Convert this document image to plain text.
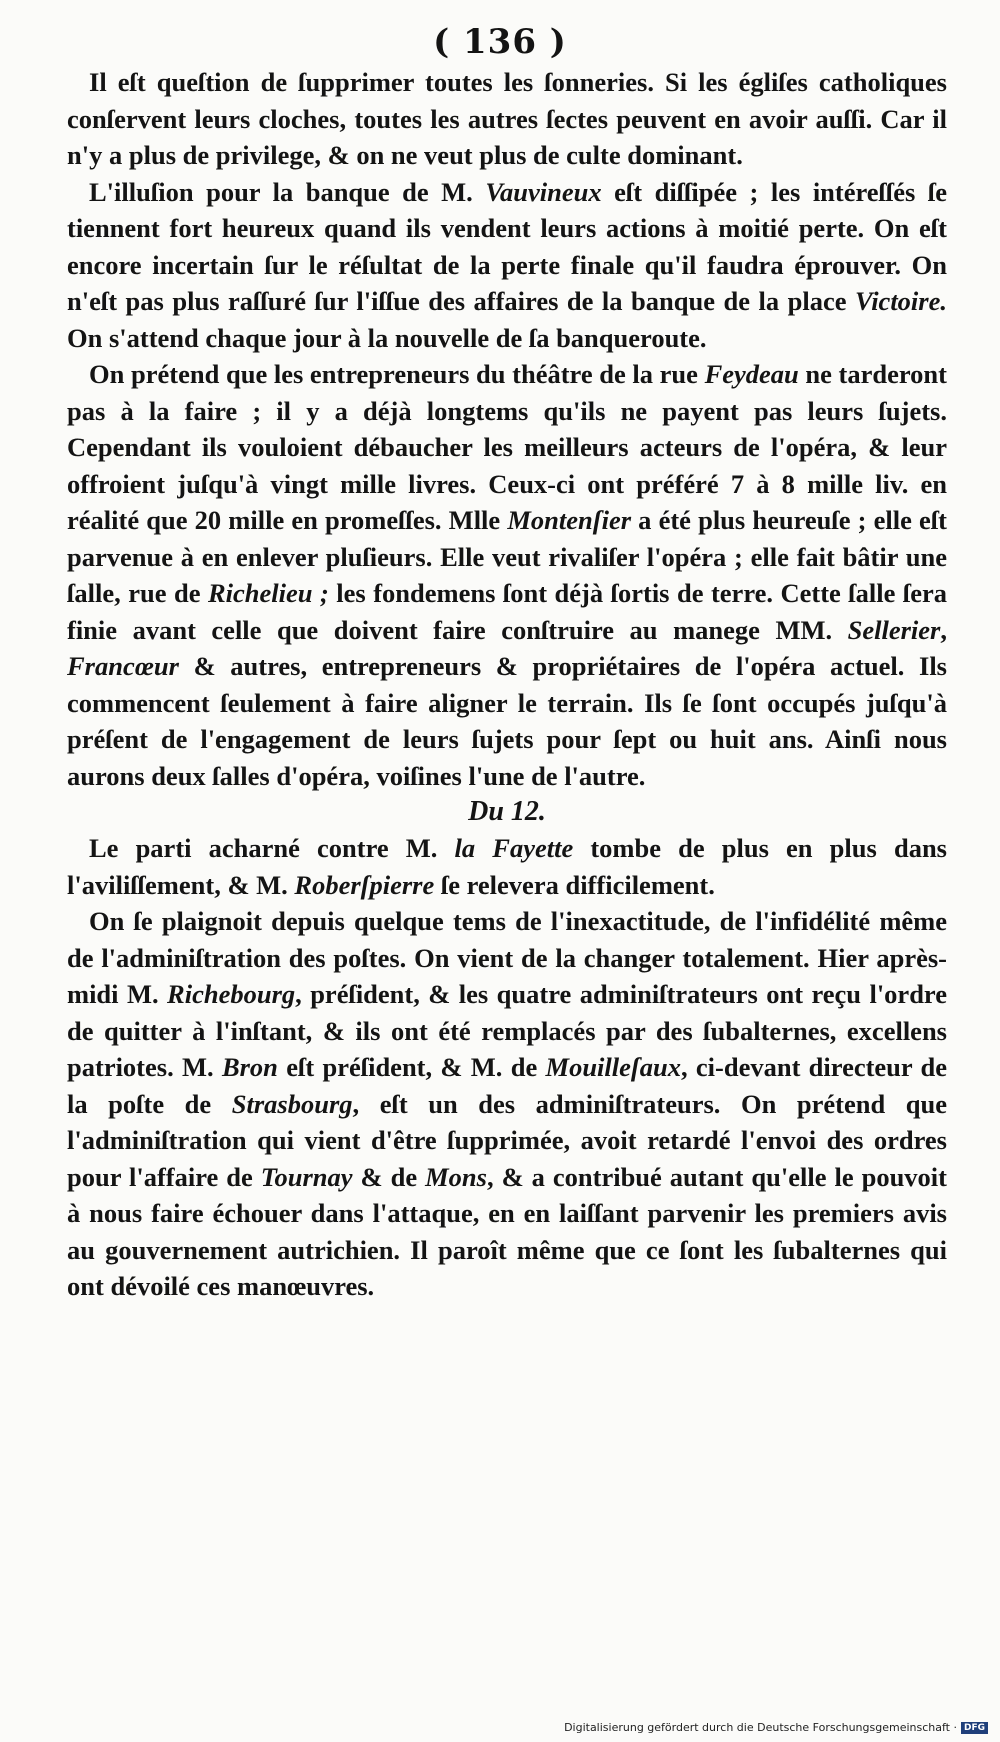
( 136 )

Il eſt queſtion de ſupprimer toutes les ſonneries. Si les égliſes catholiques conſervent leurs cloches, toutes les autres ſectes peuvent en avoir auſſi. Car il n'y a plus de privilege, & on ne veut plus de culte dominant.

L'illuſion pour la banque de M. Vauvineux eſt diſſipée ; les intéreſſés ſe tiennent fort heureux quand ils vendent leurs actions à moitié perte. On eſt encore incertain ſur le réſultat de la perte finale qu'il faudra éprouver. On n'eſt pas plus raſſuré ſur l'iſſue des affaires de la banque de la place Victoire. On s'attend chaque jour à la nouvelle de ſa banqueroute.

On prétend que les entrepreneurs du théâtre de la rue Feydeau ne tarderont pas à la faire ; il y a déjà longtems qu'ils ne payent pas leurs ſujets. Cependant ils vouloient débaucher les meilleurs acteurs de l'opéra, & leur offroient juſqu'à vingt mille livres. Ceux-ci ont préféré 7 à 8 mille liv. en réalité que 20 mille en promeſſes. Mlle Montenſier a été plus heureuſe ; elle eſt parvenue à en enlever pluſieurs. Elle veut rivaliſer l'opéra ; elle fait bâtir une ſalle, rue de Richelieu ; les fondemens ſont déjà ſortis de terre. Cette ſalle ſera finie avant celle que doivent faire conſtruire au manege MM. Sellerier, Francœur & autres, entrepreneurs & propriétaires de l'opéra actuel. Ils commencent ſeulement à faire aligner le terrain. Ils ſe ſont occupés juſqu'à préſent de l'engagement de leurs ſujets pour ſept ou huit ans. Ainſi nous aurons deux ſalles d'opéra, voiſines l'une de l'autre.

Du 12.

Le parti acharné contre M. la Fayette tombe de plus en plus dans l'aviliſſement, & M. Roberſpierre ſe relevera difficilement.

On ſe plaignoit depuis quelque tems de l'inexactitude, de l'infidélité même de l'adminiſtration des poſtes. On vient de la changer totalement. Hier après-midi M. Richebourg, préſident, & les quatre adminiſtrateurs ont reçu l'ordre de quitter à l'inſtant, & ils ont été remplacés par des ſubalternes, excellens patriotes. M. Bron eſt préſident, & M. de Mouilleſaux, ci-devant directeur de la poſte de Strasbourg, eſt un des adminiſtrateurs. On prétend que l'adminiſtration qui vient d'être ſupprimée, avoit retardé l'envoi des ordres pour l'affaire de Tournay & de Mons, & a contribué autant qu'elle le pouvoit à nous faire échouer dans l'attaque, en en laiſſant parvenir les premiers avis au gouvernement autrichien. Il paroît même que ce ſont les ſubalternes qui ont dévoilé ces manœuvres.

Digitalisierung gefördert durch die Deutsche Forschungsgemeinschaft · DFG
